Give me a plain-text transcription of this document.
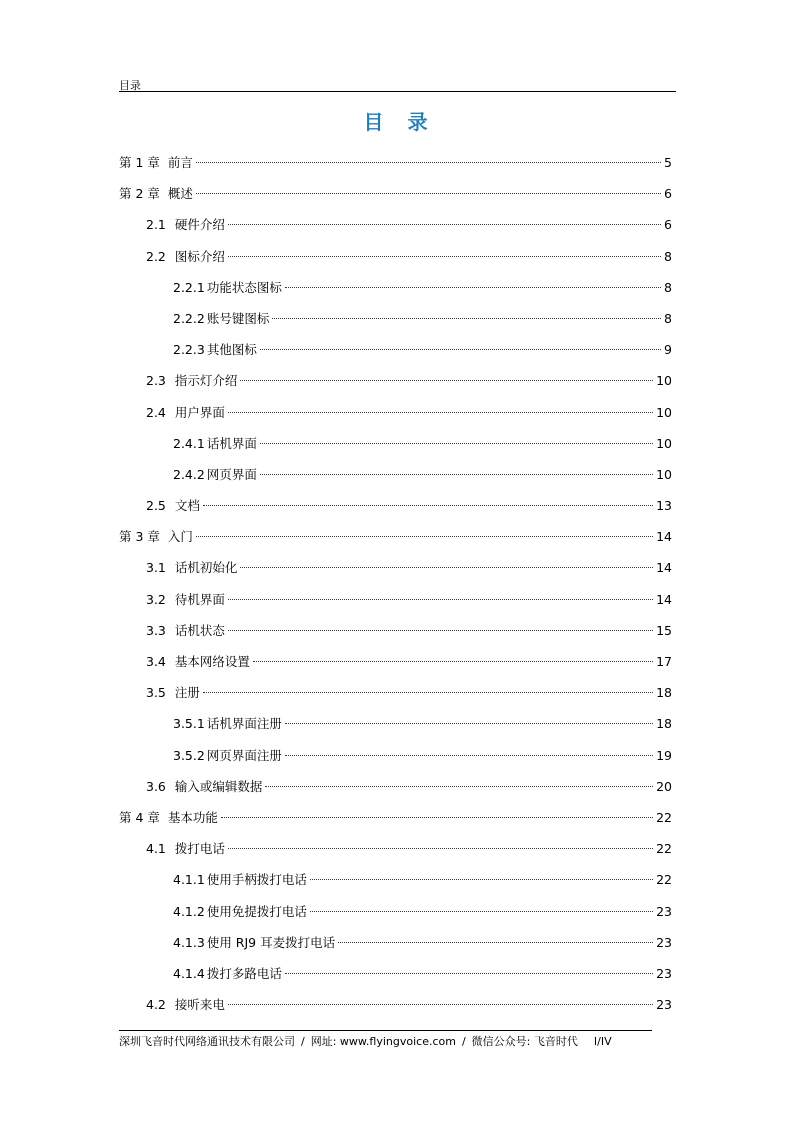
目录
目 录
第 1 章 前言	5
第 2 章 概述	6
2.1 硬件介绍	6
2.2 图标介绍	8
2.2.1 功能状态图标	8
2.2.2 账号键图标	8
2.2.3 其他图标	9
2.3 指示灯介绍	10
2.4 用户界面	10
2.4.1 话机界面	10
2.4.2 网页界面	10
2.5 文档	13
第 3 章 入门	14
3.1 话机初始化	14
3.2 待机界面	14
3.3 话机状态	15
3.4 基本网络设置	17
3.5 注册	18
3.5.1 话机界面注册	18
3.5.2 网页界面注册	19
3.6 输入或编辑数据	20
第 4 章 基本功能	22
4.1 拨打电话	22
4.1.1 使用手柄拨打电话	22
4.1.2 使用免提拨打电话	23
4.1.3 使用 RJ9 耳麦拨打电话	23
4.1.4 拨打多路电话	23
4.2 接听来电	23
深圳飞音时代网络通讯技术有限公司 / 网址: www.flyingvoice.com / 微信公众号: 飞音时代 I/IV
